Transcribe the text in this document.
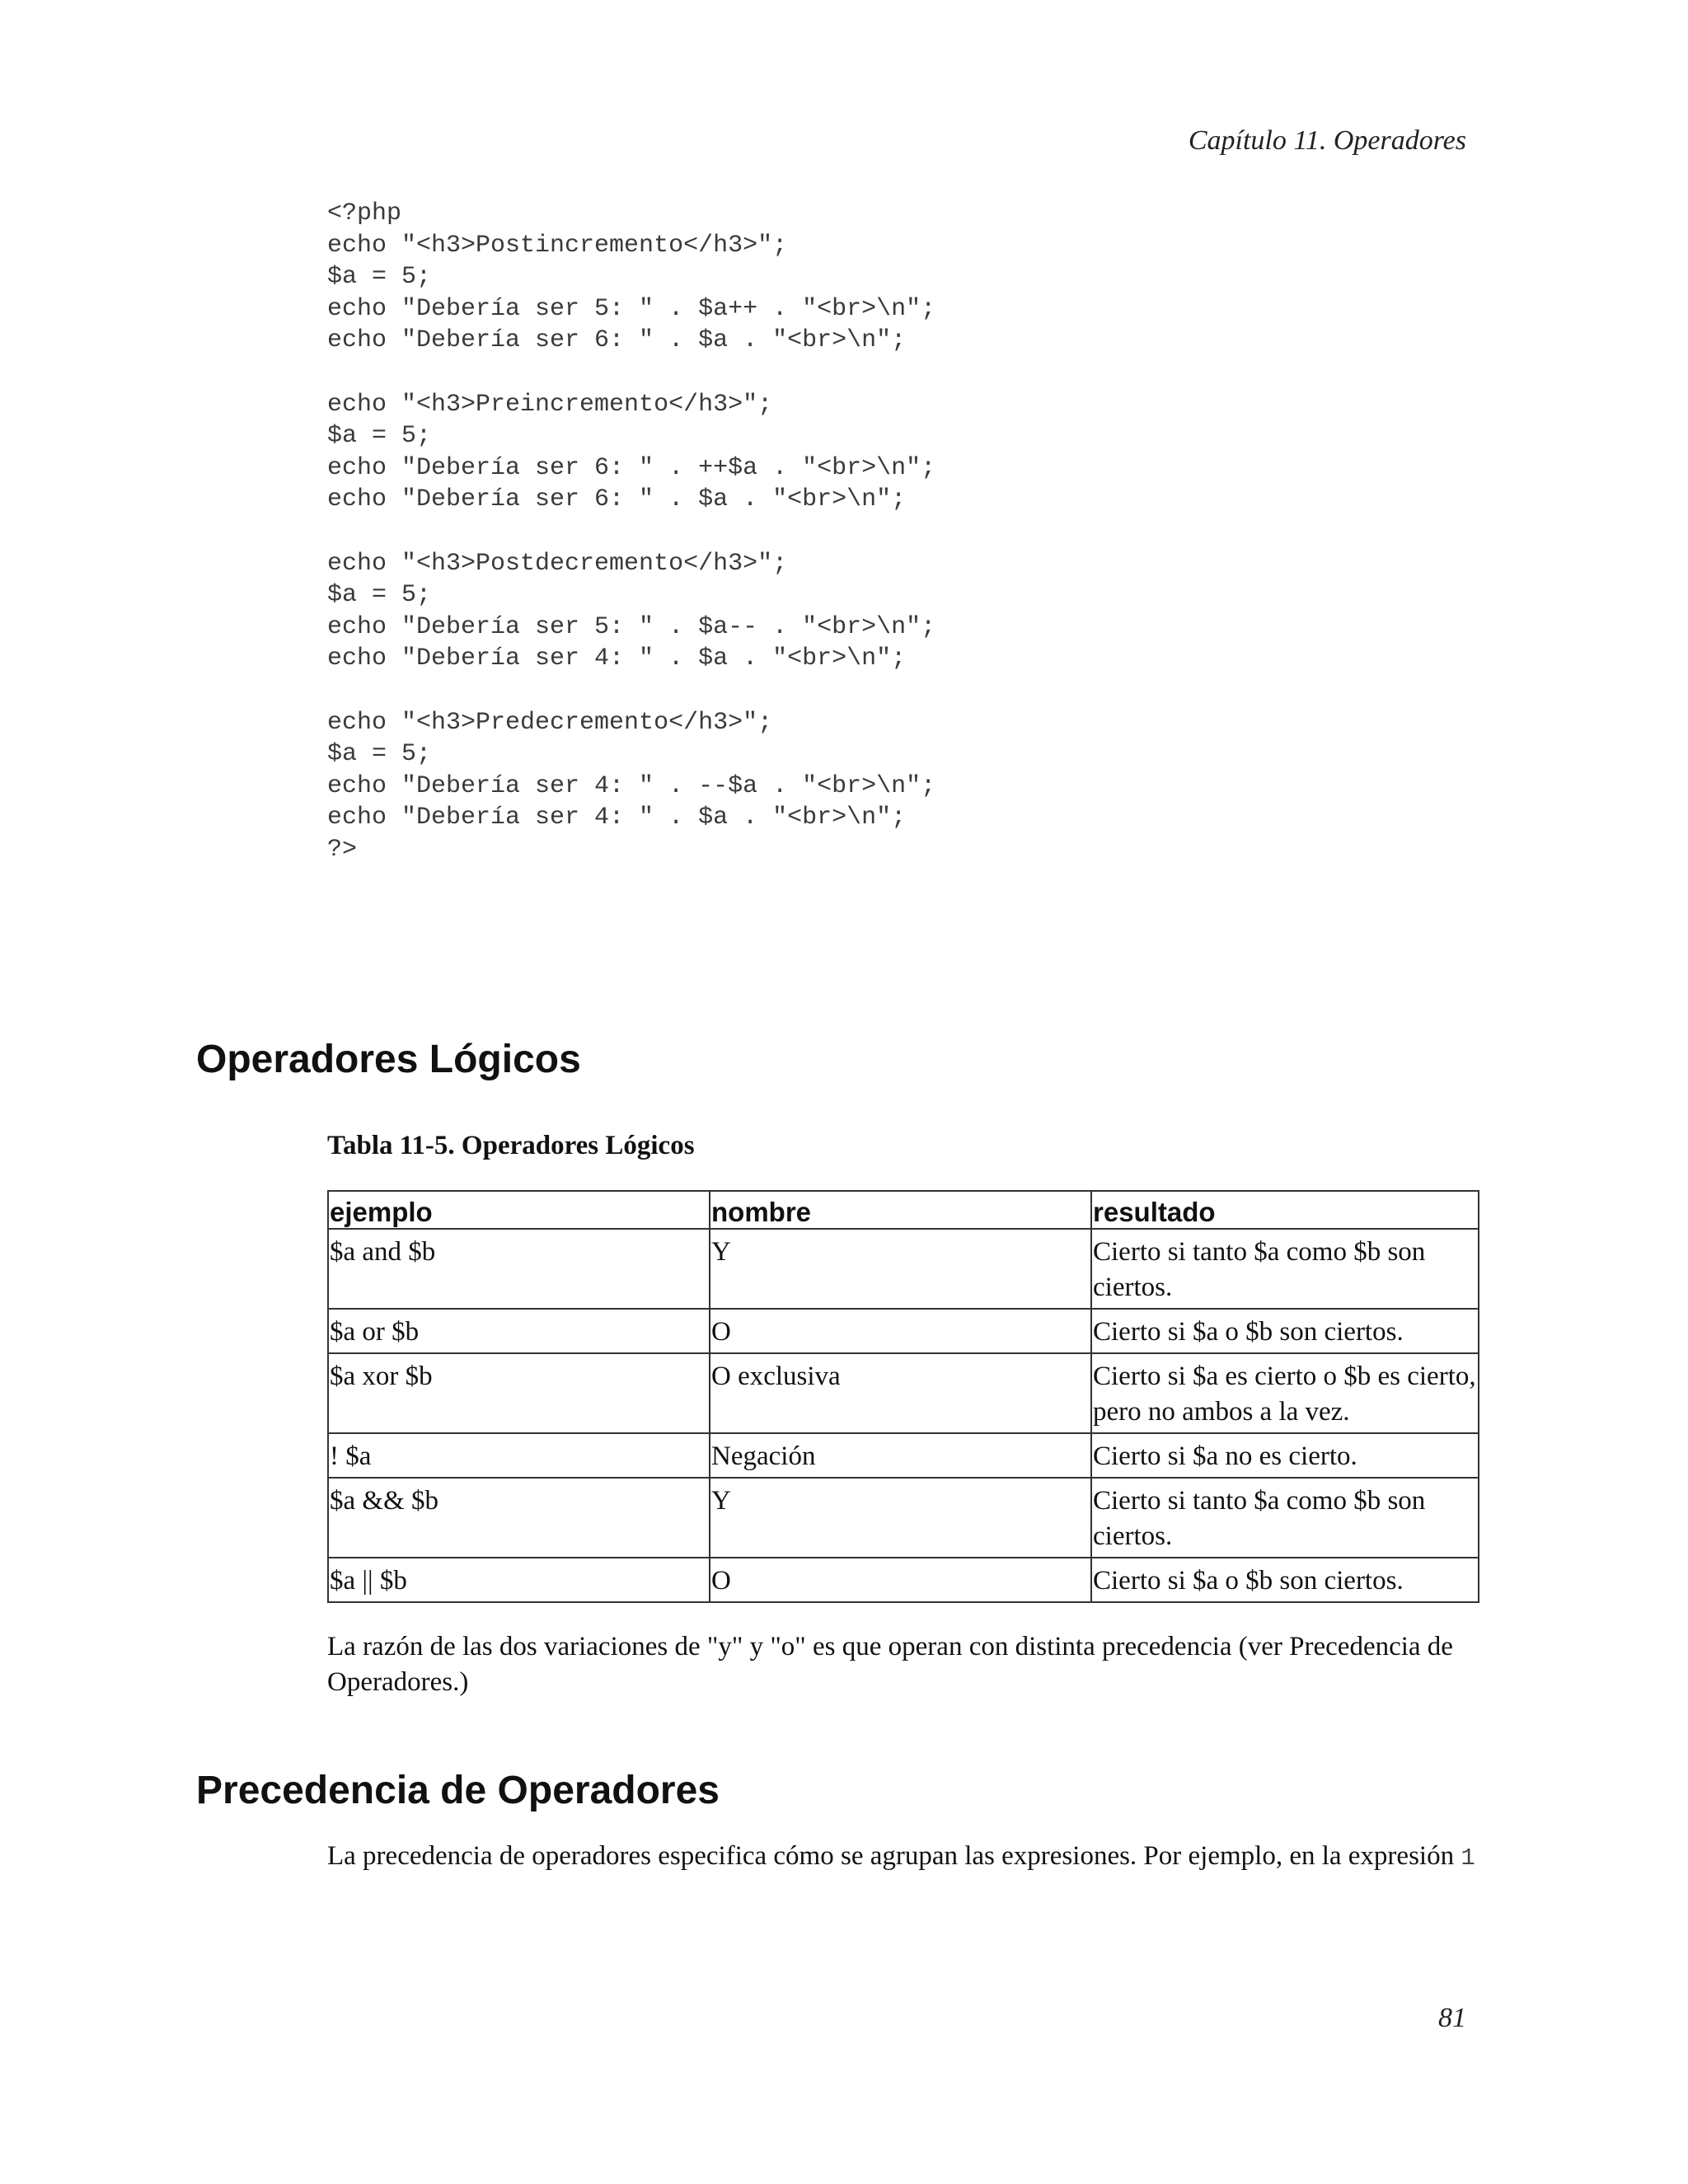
Capítulo 11. Operadores
<?php
echo "<h3>Postincremento</h3>";
$a = 5;
echo "Debería ser 5: " . $a++ . "<br>\n";
echo "Debería ser 6: " . $a . "<br>\n";
echo "<h3>Preincremento</h3>";
$a = 5;
echo "Debería ser 6: " . ++$a . "<br>\n";
echo "Debería ser 6: " . $a . "<br>\n";
echo "<h3>Postdecremento</h3>";
$a = 5;
echo "Debería ser 5: " . $a-- . "<br>\n";
echo "Debería ser 4: " . $a . "<br>\n";
echo "<h3>Predecremento</h3>";
$a = 5;
echo "Debería ser 4: " . --$a . "<br>\n";
echo "Debería ser 4: " . $a . "<br>\n";
?>
Operadores Lógicos
Tabla 11-5. Operadores Lógicos
ejemplo	nombre	resultado
$a and $b	Y	Cierto si tanto $a como $b son ciertos.
$a or $b	O	Cierto si $a o $b son ciertos.
$a xor $b	O exclusiva	Cierto si $a es cierto o $b es cierto, pero no ambos a la vez.
! $a	Negación	Cierto si $a no es cierto.
$a && $b	Y	Cierto si tanto $a como $b son ciertos.
$a || $b	O	Cierto si $a o $b son ciertos.

La razón de las dos variaciones de "y" y "o" es que operan con distinta precedencia (ver Precedencia de Operadores.)

Precedencia de Operadores

La precedencia de operadores especifica cómo se agrupan las expresiones. Por ejemplo, en la expresión 1

81
